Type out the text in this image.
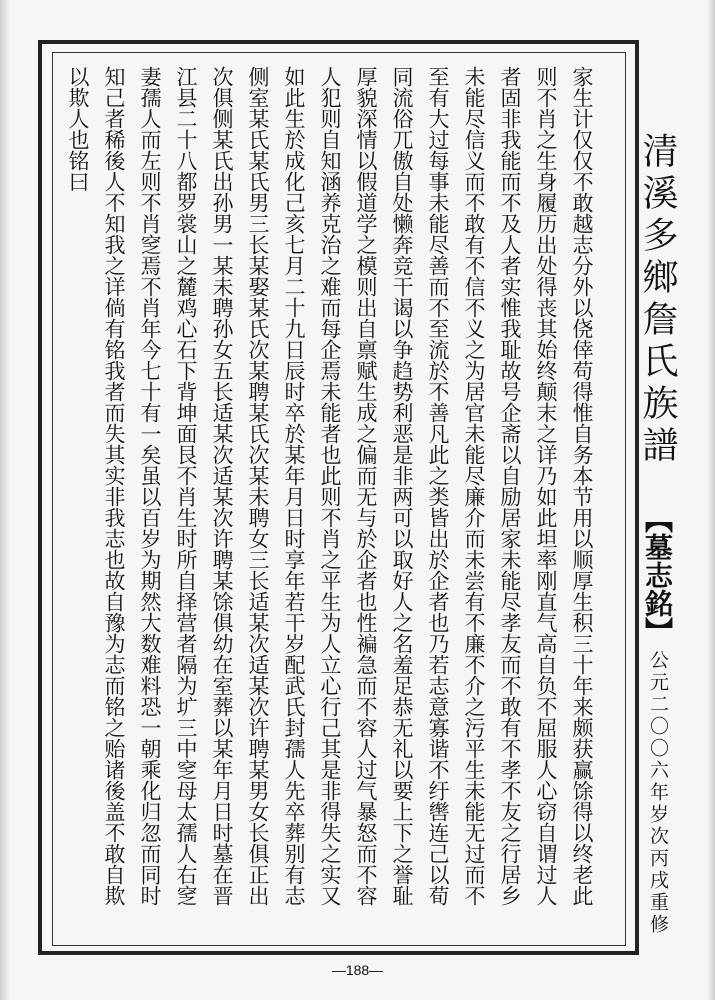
家生计仅仅不敢越志分外以侥倖苟得惟自务本节用以顺厚生积三十年来颇获赢馀得以终老此
则不肖之生身履历出处得丧其始终颠末之详乃如此坦率刚直气高自负不屈服人心窃自谓过人
者固非我能而不及人者实惟我耻故号企斋以自励居家未能尽孝友而不敢有不孝不友之行居乡
未能尽信义而不敢有不信不义之为居官未能尽廉介而未尝有不廉不介之污平生未能无过而不
至有大过每事未能尽善而不至流於不善凡此之类皆出於企者也乃若志意寡谐不纡辔连己以荀
同流俗兀傲自处懒奔竞干谒以争趋势利恶是非两可以取好人之名羞足恭无礼以要上下之誉耻
厚貌深情以假道学之模则出自禀赋生成之偏而无与於企者也性褊急而不容人过气暴怒而不容
人犯则自知涵养克治之难而每企焉未能者也此则不肖之平生为人立心行己其是非得失之实又
如此生於成化己亥七月二十九日辰时卒於某年月日时享年若干岁配武氏封孺人先卒葬别有志
侧室某氏某氏男三长某娶某氏次某聘某氏次某未聘女三长适某次适某次许聘某男女长俱正出
次俱侧某氏出孙男一某未聘孙女五长适某次适某次许聘某馀俱幼在室葬以某年月日时墓在晋
江县二十八都罗裳山之麓鸡心石下背坤面艮不肖生时所自择营者隔为圹三中窆母太孺人右窆
妻孺人而左则不肖窆焉不肖年今七十有一矣虽以百岁为期然大数难料恐一朝乘化归忽而同时
知己者稀後人不知我之详倘有铭我者而失其实非我志也故自豫为志而铭之贻诸後盖不敢自欺
以欺人也铭曰
清溪多鄉詹氏族譜
【墓志銘】
公元二〇〇六年岁次丙戌重修
—188—
